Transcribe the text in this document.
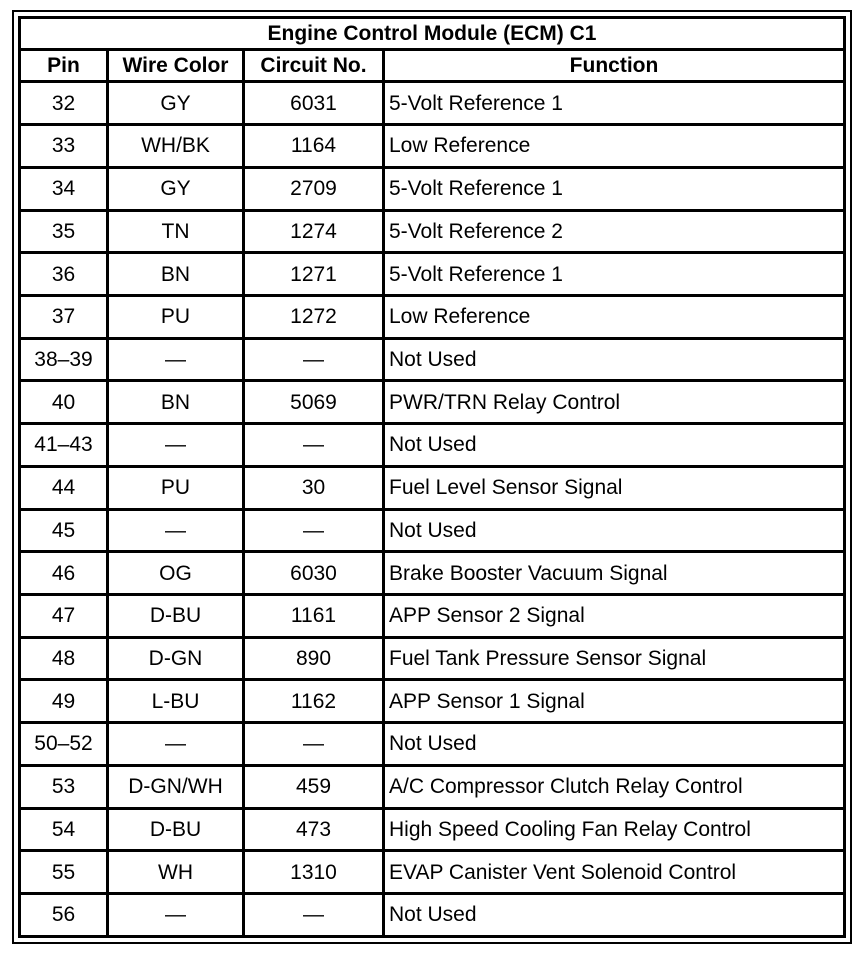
Engine Control Module (ECM) C1			
Pin	Wire Color	Circuit No.	Function
32	GY	6031	5-Volt Reference 1
33	WH/BK	1164	Low Reference
34	GY	2709	5-Volt Reference 1
35	TN	1274	5-Volt Reference 2
36	BN	1271	5-Volt Reference 1
37	PU	1272	Low Reference
38–39	—	—	Not Used
40	BN	5069	PWR/TRN Relay Control
41–43	—	—	Not Used
44	PU	30	Fuel Level Sensor Signal
45	—	—	Not Used
46	OG	6030	Brake Booster Vacuum Signal
47	D-BU	1161	APP Sensor 2 Signal
48	D-GN	890	Fuel Tank Pressure Sensor Signal
49	L-BU	1162	APP Sensor 1 Signal
50–52	—	—	Not Used
53	D-GN/WH	459	A/C Compressor Clutch Relay Control
54	D-BU	473	High Speed Cooling Fan Relay Control
55	WH	1310	EVAP Canister Vent Solenoid Control
56	—	—	Not Used
